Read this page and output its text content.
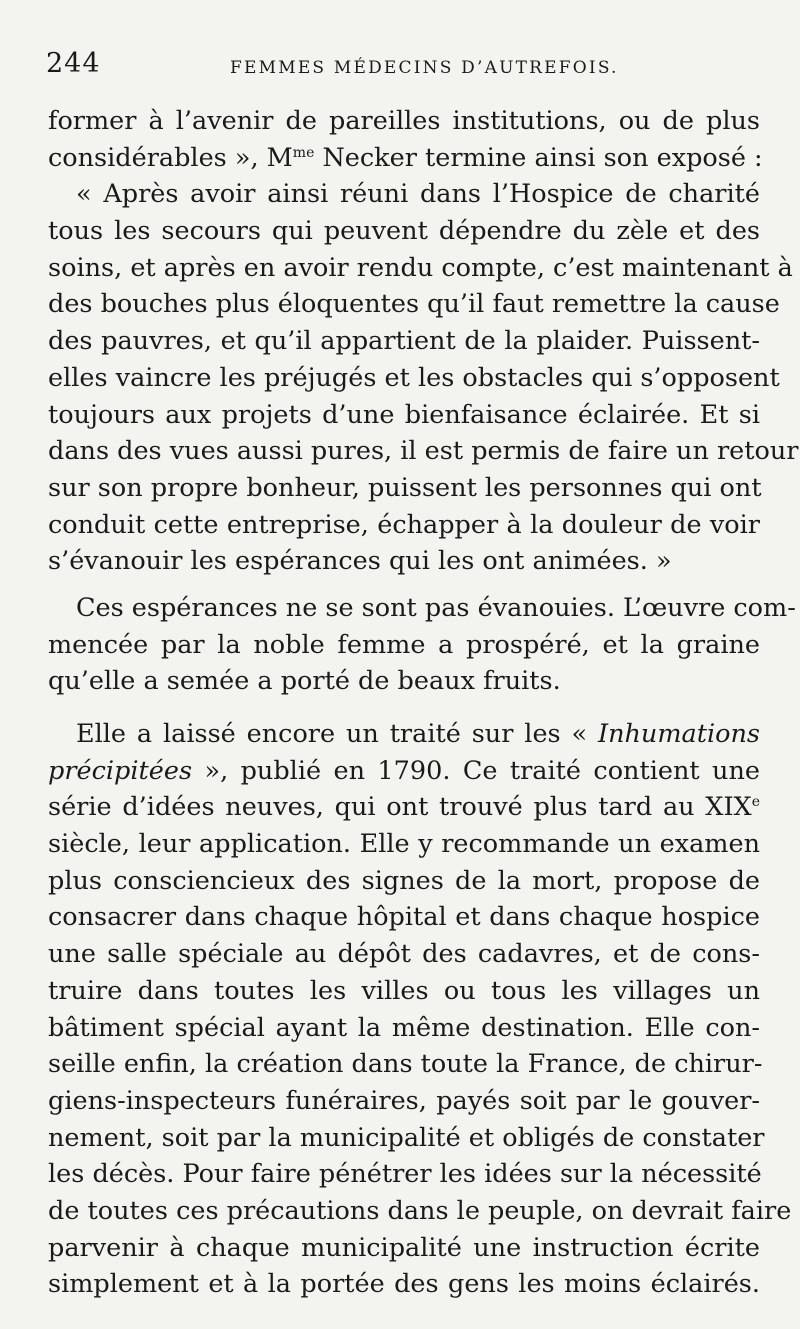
244	FEMMES MÉDECINS D’AUTREFOIS.
former à l’avenir de pareilles institutions, ou de plus
considérables », $M^{me}$ Necker termine ainsi son exposé :
« Après avoir ainsi réuni dans l’Hospice de charité
tous les secours qui peuvent dépendre du zèle et des
soins, et après en avoir rendu compte, c’est maintenant à
des bouches plus éloquentes qu’il faut remettre la cause
des pauvres, et qu’il appartient de la plaider. Puissent-
elles vaincre les préjugés et les obstacles qui s’opposent
toujours aux projets d’une bienfaisance éclairée. Et si
dans des vues aussi pures, il est permis de faire un retour
sur son propre bonheur, puissent les personnes qui ont
conduit cette entreprise, échapper à la douleur de voir
s’évanouir les espérances qui les ont animées. »
Ces espérances ne se sont pas évanouies. L’œuvre com-
mencée par la noble femme a prospéré, et la graine
qu’elle a semée a porté de beaux fruits.
Elle a laissé encore un traité sur les « Inhumations
précipitées », publié en 1790. Ce traité contient une
série d’idées neuves, qui ont trouvé plus tard au XIXe
siècle, leur application. Elle y recommande un examen
plus consciencieux des signes de la mort, propose de
consacrer dans chaque hôpital et dans chaque hospice
une salle spéciale au dépôt des cadavres, et de cons-
truire dans toutes les villes ou tous les villages un
bâtiment spécial ayant la même destination. Elle con-
seille enfin, la création dans toute la France, de chirur-
giens-inspecteurs funéraires, payés soit par le gouver-
nement, soit par la municipalité et obligés de constater
les décès. Pour faire pénétrer les idées sur la nécessité
de toutes ces précautions dans le peuple, on devrait faire
parvenir à chaque municipalité une instruction écrite
simplement et à la portée des gens les moins éclairés.
